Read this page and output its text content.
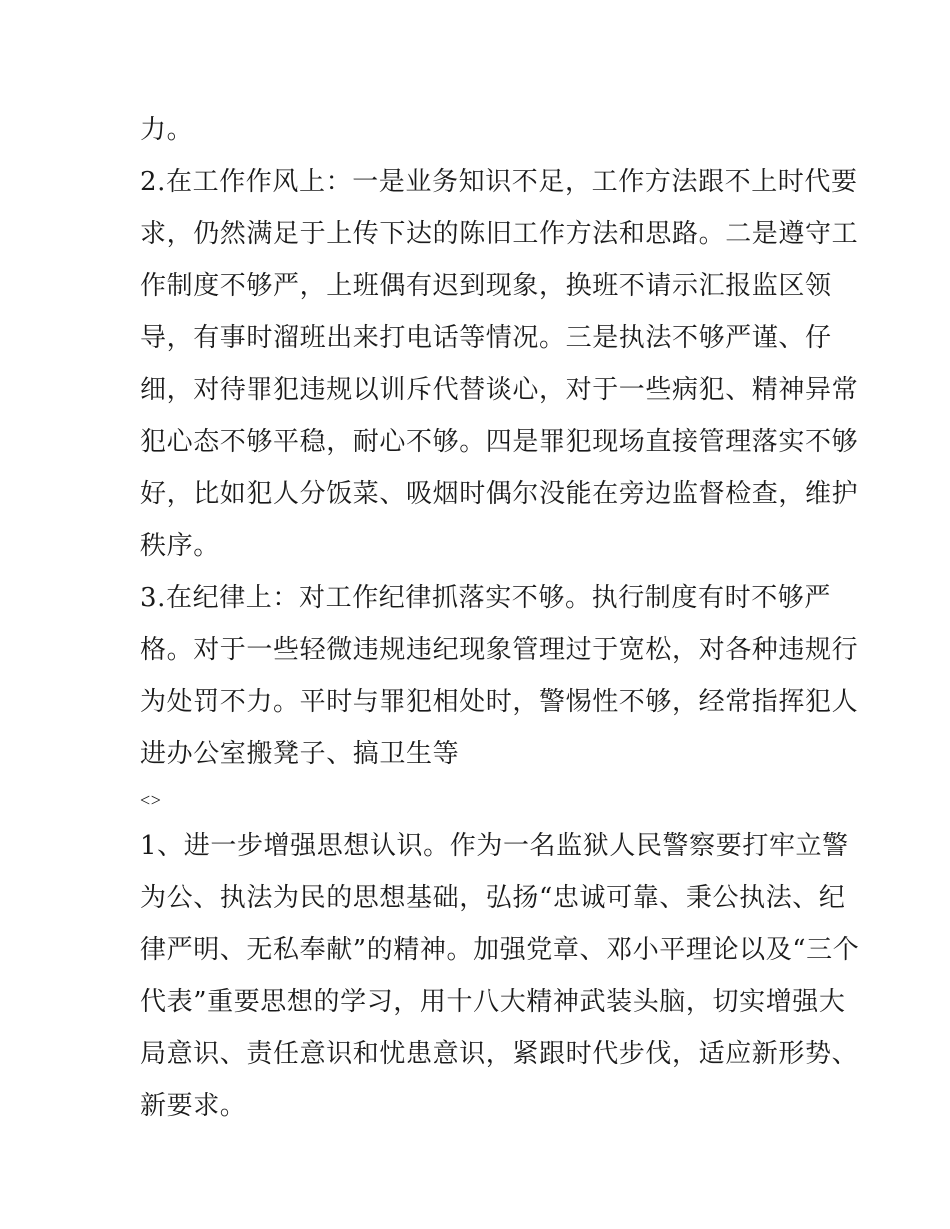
力。
2.在工作作风上：一是业务知识不足，工作方法跟不上时代要
求，仍然满足于上传下达的陈旧工作方法和思路。二是遵守工
作制度不够严，上班偶有迟到现象，换班不请示汇报监区领
导，有事时溜班出来打电话等情况。三是执法不够严谨、仔
细，对待罪犯违规以训斥代替谈心，对于一些病犯、精神异常
犯心态不够平稳，耐心不够。四是罪犯现场直接管理落实不够
好，比如犯人分饭菜、吸烟时偶尔没能在旁边监督检查，维护
秩序。
3.在纪律上：对工作纪律抓落实不够。执行制度有时不够严
格。对于一些轻微违规违纪现象管理过于宽松，对各种违规行
为处罚不力。平时与罪犯相处时，警惕性不够，经常指挥犯人
进办公室搬凳子、搞卫生等
<>
1、进一步增强思想认识。作为一名监狱人民警察要打牢立警
为公、执法为民的思想基础，弘扬“忠诚可靠、秉公执法、纪
律严明、无私奉献”的精神。加强党章、邓小平理论以及“三个
代表”重要思想的学习，用十八大精神武装头脑，切实增强大
局意识、责任意识和忧患意识，紧跟时代步伐，适应新形势、
新要求。
